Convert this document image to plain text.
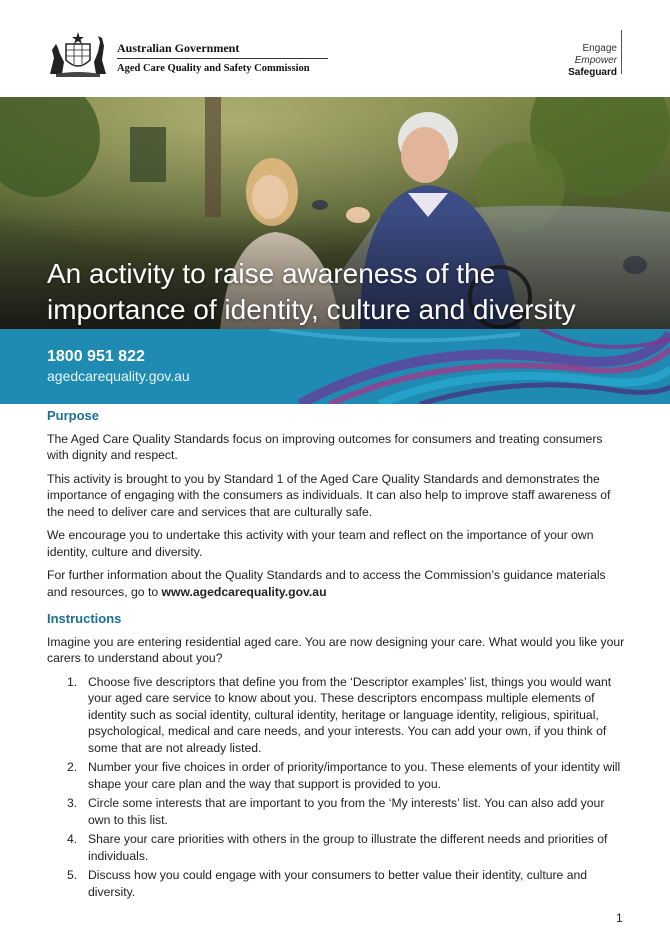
Australian Government
Aged Care Quality and Safety Commission
Engage
Empower
Safeguard
An activity to raise awareness of the
importance of identity, culture and diversity
1800 951 822
agedcarequality.gov.au
Purpose

The Aged Care Quality Standards focus on improving outcomes for consumers and treating consumers with dignity and respect.

This activity is brought to you by Standard 1 of the Aged Care Quality Standards and demonstrates the importance of engaging with the consumers as individuals. It can also help to improve staff awareness of the need to deliver care and services that are culturally safe.

We encourage you to undertake this activity with your team and reflect on the importance of your own identity, culture and diversity.

For further information about the Quality Standards and to access the Commission’s guidance materials and resources, go to www.agedcarequality.gov.au

Instructions

Imagine you are entering residential aged care. You are now designing your care. What would you like your carers to understand about you?

1. Choose five descriptors that define you from the ‘Descriptor examples’ list, things you would want your aged care service to know about you. These descriptors encompass multiple elements of identity such as social identity, cultural identity, heritage or language identity, religious, spiritual, psychological, medical and care needs, and your interests. You can add your own, if you think of some that are not already listed.
2. Number your five choices in order of priority/importance to you. These elements of your identity will shape your care plan and the way that support is provided to you.
3. Circle some interests that are important to you from the ‘My interests’ list. You can also add your own to this list.
4. Share your care priorities with others in the group to illustrate the different needs and priorities of individuals.
5. Discuss how you could engage with your consumers to better value their identity, culture and diversity.
1
